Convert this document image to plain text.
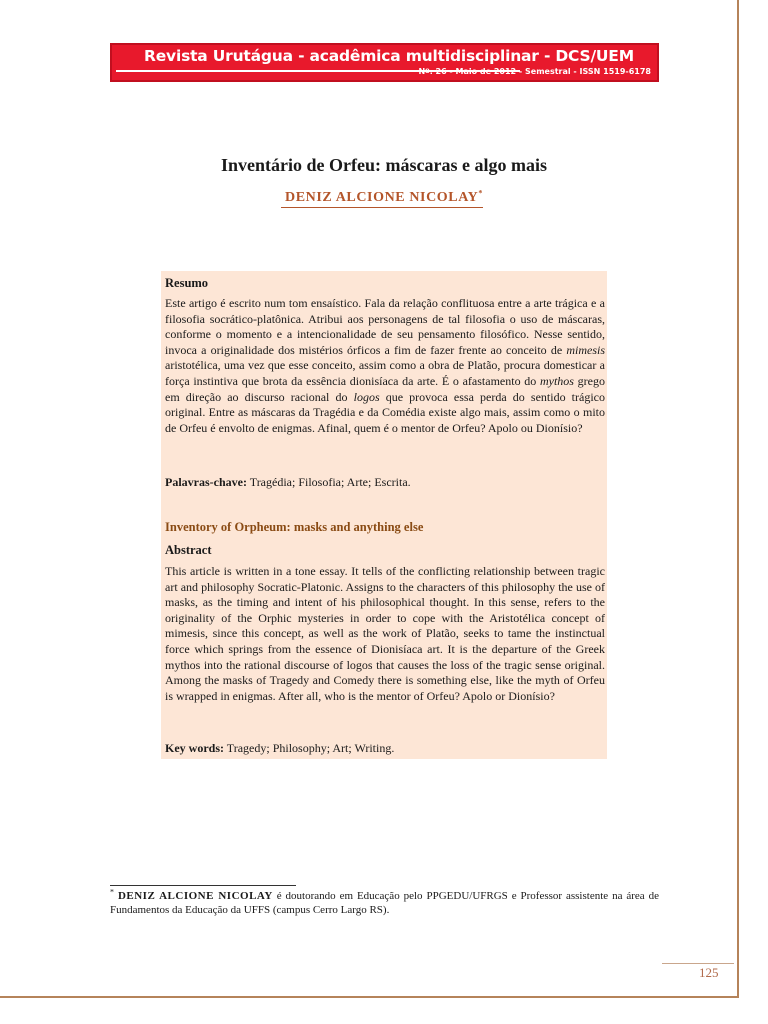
Revista Urutágua - acadêmica multidisciplinar - DCS/UEM
Nº. 26 - Maio de 2012 - Semestral - ISSN 1519-6178
Inventário de Orfeu: máscaras e algo mais
DENIZ ALCIONE NICOLAY*
Resumo
Este artigo é escrito num tom ensaístico. Fala da relação conflituosa entre a arte trágica e a filosofia socrático-platônica. Atribui aos personagens de tal filosofia o uso de máscaras, conforme o momento e a intencionalidade de seu pensamento filosófico. Nesse sentido, invoca a originalidade dos mistérios órficos a fim de fazer frente ao conceito de mimesis aristotélica, uma vez que esse conceito, assim como a obra de Platão, procura domesticar a força instintiva que brota da essência dionisíaca da arte. É o afastamento do mythos grego em direção ao discurso racional do logos que provoca essa perda do sentido trágico original. Entre as máscaras da Tragédia e da Comédia existe algo mais, assim como o mito de Orfeu é envolto de enigmas. Afinal, quem é o mentor de Orfeu? Apolo ou Dionísio?
Palavras-chave: Tragédia; Filosofia; Arte; Escrita.
Inventory of Orpheum: masks and anything else
Abstract
This article is written in a tone essay. It tells of the conflicting relationship between tragic art and philosophy Socratic-Platonic. Assigns to the characters of this philosophy the use of masks, as the timing and intent of his philosophical thought. In this sense, refers to the originality of the Orphic mysteries in order to cope with the Aristotélica concept of mimesis, since this concept, as well as the work of Platão, seeks to tame the instinctual force which springs from the essence of Dionisíaca art. It is the departure of the Greek mythos into the rational discourse of logos that causes the loss of the tragic sense original. Among the masks of Tragedy and Comedy there is something else, like the myth of Orfeu is wrapped in enigmas. After all, who is the mentor of Orfeu? Apolo or Dionísio?
Key words: Tragedy; Philosophy; Art; Writing.
* DENIZ ALCIONE NICOLAY é doutorando em Educação pelo PPGEDU/UFRGS e Professor assistente na área de Fundamentos da Educação da UFFS (campus Cerro Largo RS).
125
